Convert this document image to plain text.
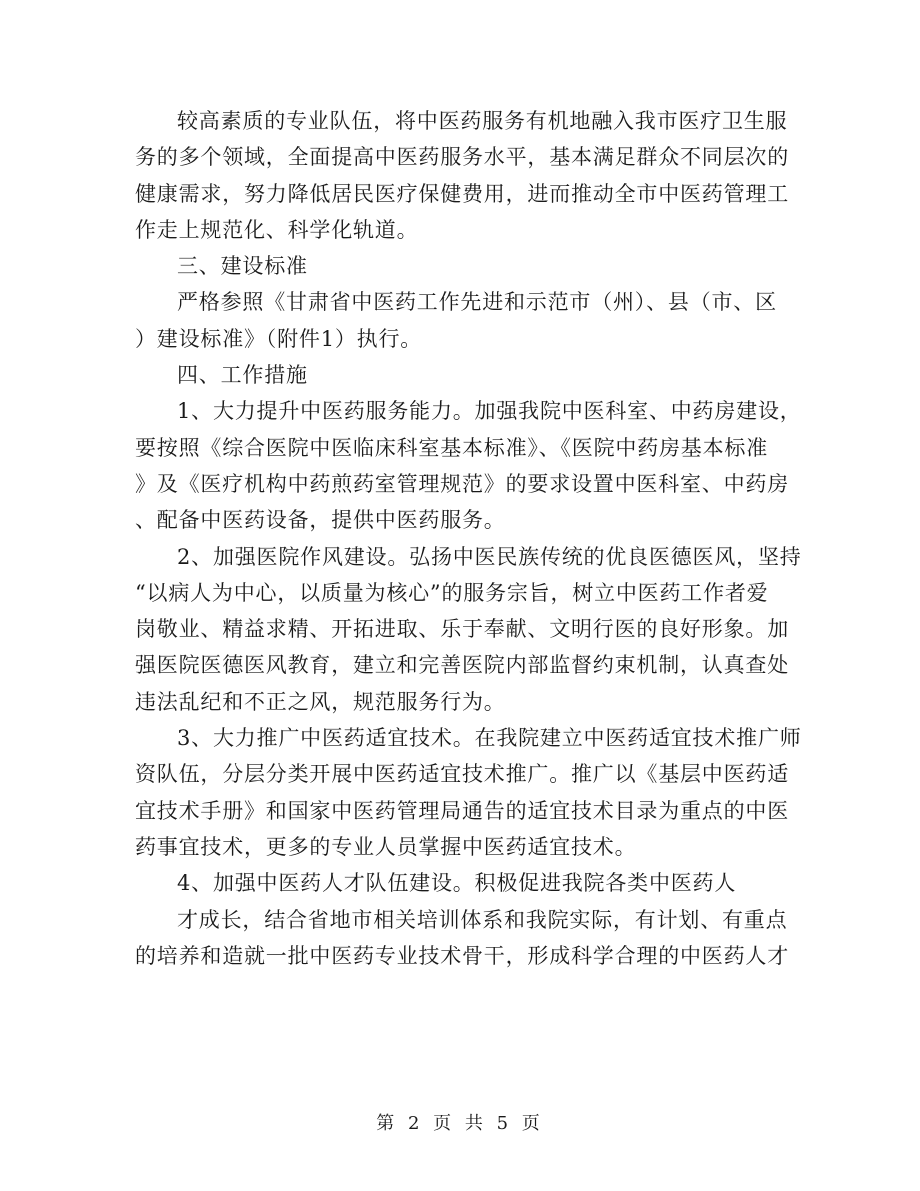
较高素质的专业队伍，将中医药服务有机地融入我市医疗卫生服
务的多个领域，全面提高中医药服务水平，基本满足群众不同层次的
健康需求，努力降低居民医疗保健费用，进而推动全市中医药管理工
作走上规范化、科学化轨道。
三、建设标准
严格参照《甘肃省中医药工作先进和示范市（州）、县（市、区
）建设标准》（附件1）执行。
四、工作措施
1、大力提升中医药服务能力。加强我院中医科室、中药房建设，
要按照《综合医院中医临床科室基本标准》、《医院中药房基本标准
》及《医疗机构中药煎药室管理规范》的要求设置中医科室、中药房
、配备中医药设备，提供中医药服务。
2、加强医院作风建设。弘扬中医民族传统的优良医德医风，坚持
“以病人为中心，以质量为核心”的服务宗旨，树立中医药工作者爱
岗敬业、精益求精、开拓进取、乐于奉献、文明行医的良好形象。加
强医院医德医风教育，建立和完善医院内部监督约束机制，认真查处
违法乱纪和不正之风，规范服务行为。
3、大力推广中医药适宜技术。在我院建立中医药适宜技术推广师
资队伍，分层分类开展中医药适宜技术推广。推广以《基层中医药适
宜技术手册》和国家中医药管理局通告的适宜技术目录为重点的中医
药事宜技术，更多的专业人员掌握中医药适宜技术。
4、加强中医药人才队伍建设。积极促进我院各类中医药人
才成长，结合省地市相关培训体系和我院实际，有计划、有重点
的培养和造就一批中医药专业技术骨干，形成科学合理的中医药人才
第 2 页 共 5 页
